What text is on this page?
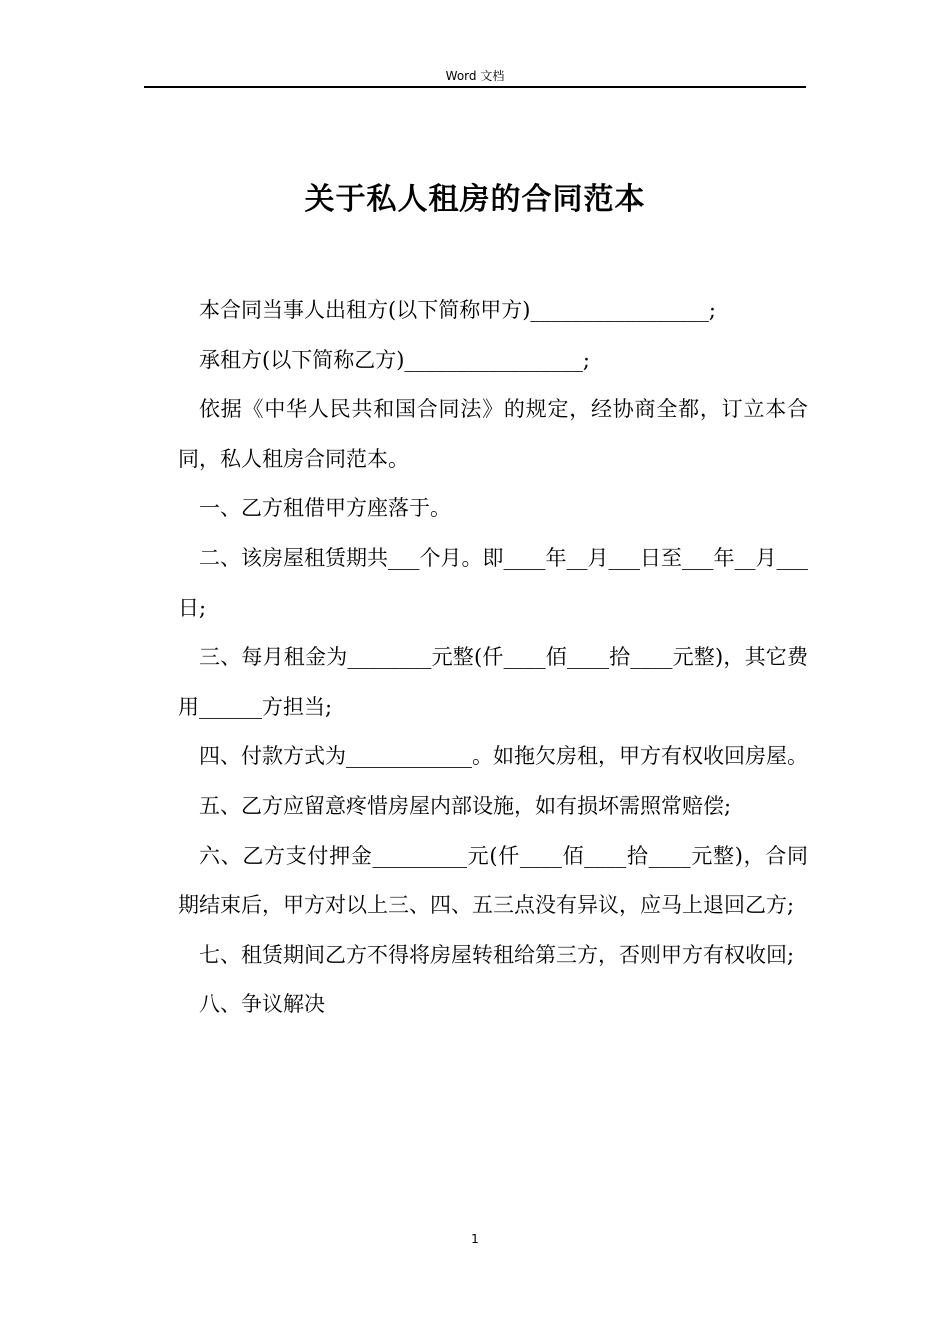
Word 文档
关于私人租房的合同范本

本合同当事人出租方(以下简称甲方)_________________;

承租方(以下简称乙方)_________________;

依据《中华人民共和国合同法》的规定，经协商全都，订立本合同，私人租房合同范本。

一、乙方租借甲方座落于。

二、该房屋租赁期共___个月。即____年__月___日至___年__月___日;

三、每月租金为________元整(仟____佰____拾____元整)，其它费用______方担当;

四、付款方式为____________。如拖欠房租，甲方有权收回房屋。

五、乙方应留意疼惜房屋内部设施，如有损坏需照常赔偿;

六、乙方支付押金_________元(仟____佰____拾____元整)，合同期结束后，甲方对以上三、四、五三点没有异议，应马上退回乙方;

七、租赁期间乙方不得将房屋转租给第三方，否则甲方有权收回;

八、争议解决

1
